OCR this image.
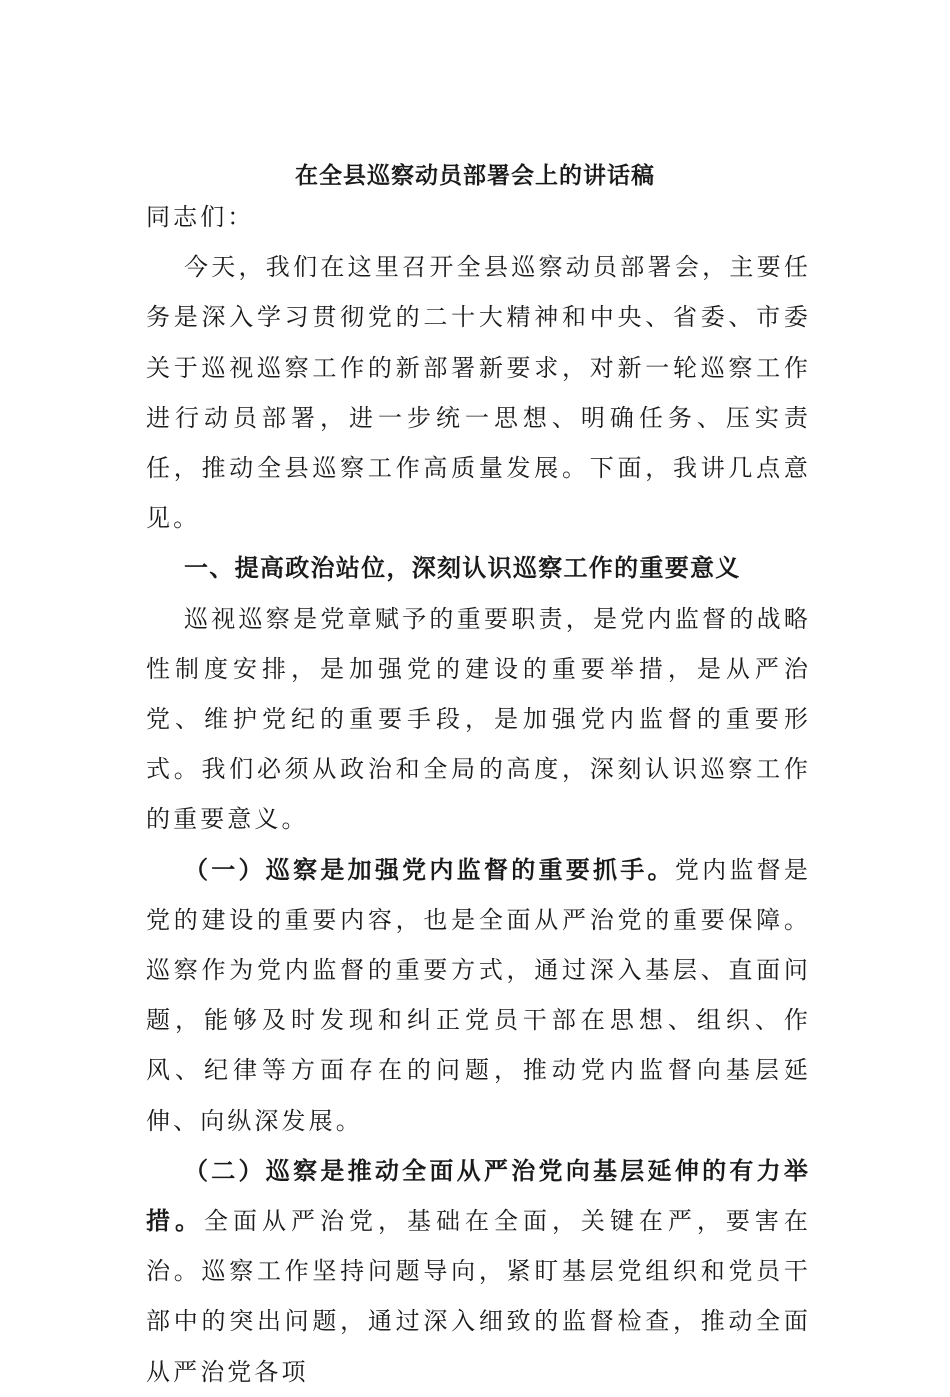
在全县巡察动员部署会上的讲话稿

同志们：

今天，我们在这里召开全县巡察动员部署会，主要任务是深入学习贯彻党的二十大精神和中央、省委、市委关于巡视巡察工作的新部署新要求，对新一轮巡察工作进行动员部署，进一步统一思想、明确任务、压实责任，推动全县巡察工作高质量发展。下面，我讲几点意见。

一、提高政治站位，深刻认识巡察工作的重要意义

巡视巡察是党章赋予的重要职责，是党内监督的战略性制度安排，是加强党的建设的重要举措，是从严治党、维护党纪的重要手段，是加强党内监督的重要形式。我们必须从政治和全局的高度，深刻认识巡察工作的重要意义。

（一）巡察是加强党内监督的重要抓手。党内监督是党的建设的重要内容，也是全面从严治党的重要保障。巡察作为党内监督的重要方式，通过深入基层、直面问题，能够及时发现和纠正党员干部在思想、组织、作风、纪律等方面存在的问题，推动党内监督向基层延伸、向纵深发展。

（二）巡察是推动全面从严治党向基层延伸的有力举措。全面从严治党，基础在全面，关键在严，要害在治。巡察工作坚持问题导向，紧盯基层党组织和党员干部中的突出问题，通过深入细致的监督检查，推动全面从严治党各项
